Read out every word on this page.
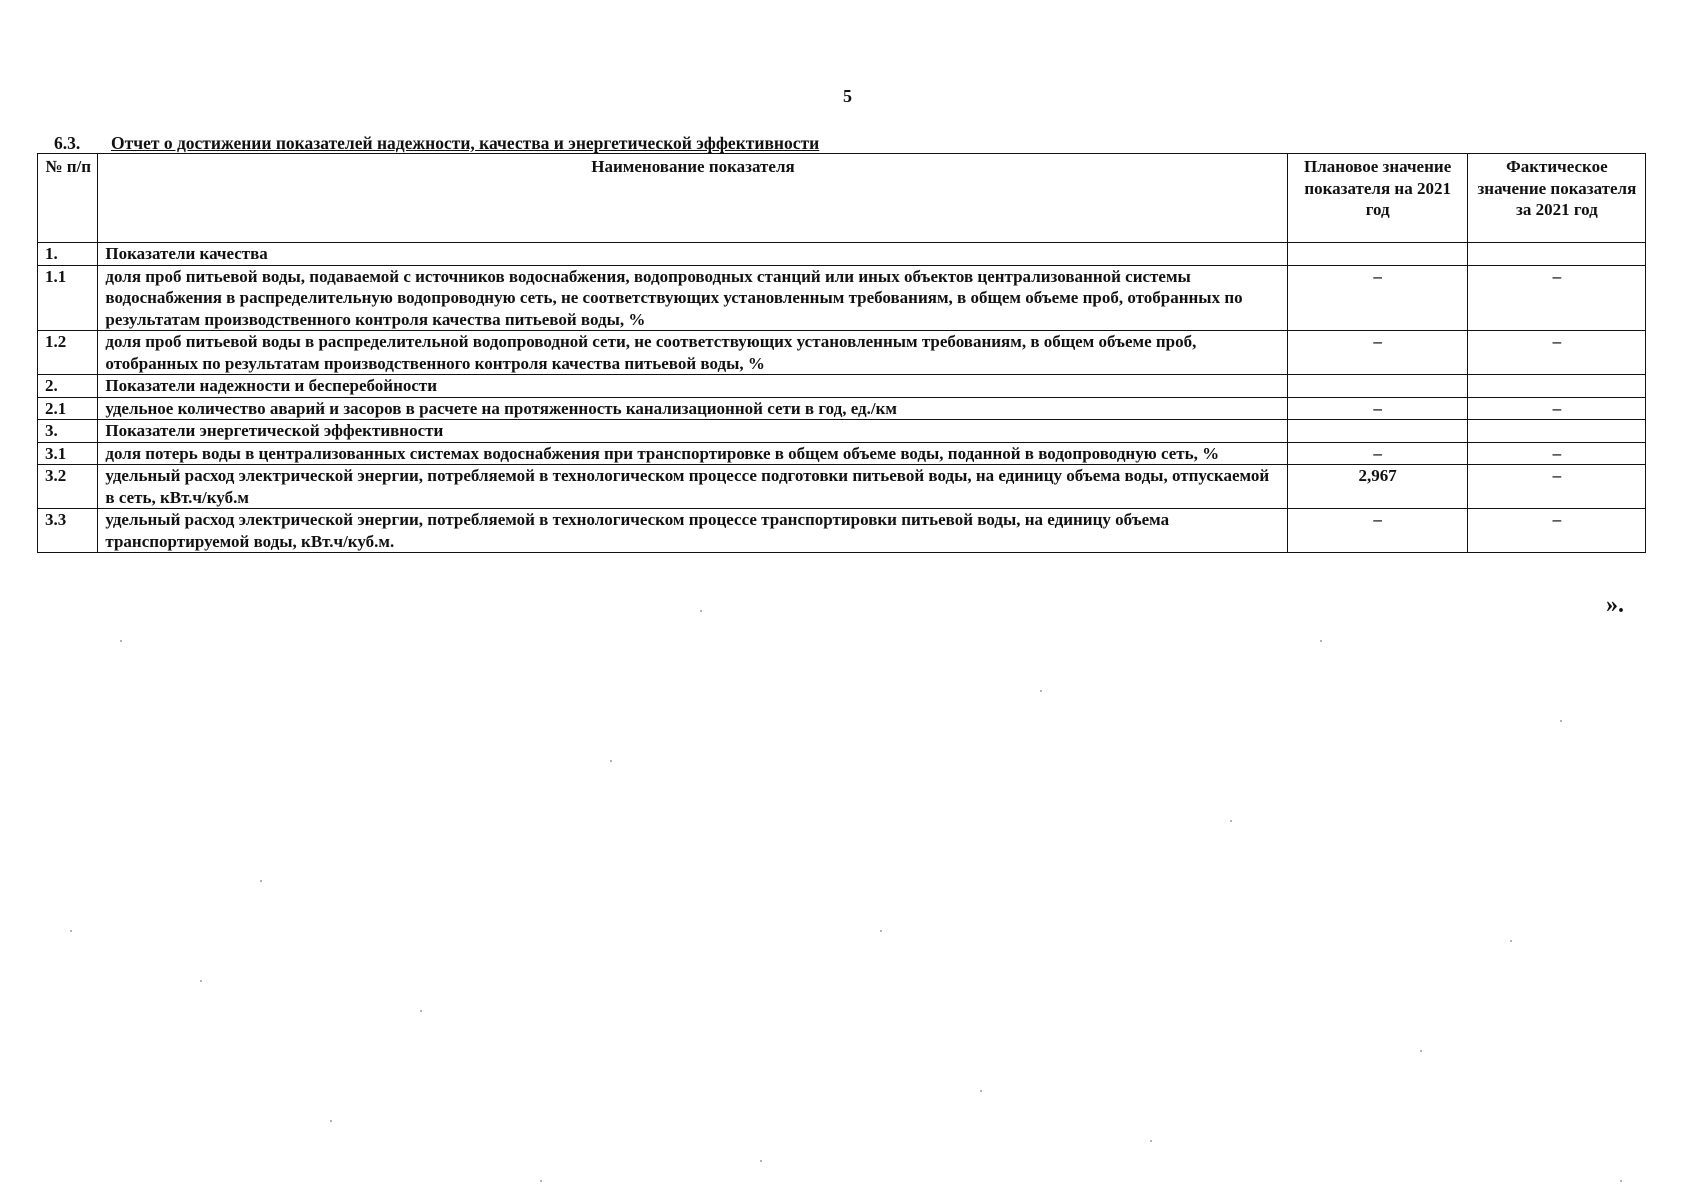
5
6.3. Отчет о достижении показателей надежности, качества и энергетической эффективности
№ п/п	Наименование показателя	Плановое значение показателя на 2021 год	Фактическое значение показателя за 2021 год
1.	Показатели качества		
1.1	доля проб питьевой воды, подаваемой с источников водоснабжения, водопроводных станций или иных объектов централизованной системы водоснабжения в распределительную водопроводную сеть, не соответствующих установленным требованиям, в общем объеме проб, отобранных по результатам производственного контроля качества питьевой воды, %	–	–
1.2	доля проб питьевой воды в распределительной водопроводной сети, не соответствующих установленным требованиям, в общем объеме проб, отобранных по результатам производственного контроля качества питьевой воды, %	–	–
2.	Показатели надежности и бесперебойности		
2.1	удельное количество аварий и засоров в расчете на протяженность канализационной сети в год, ед./км	–	–
3.	Показатели энергетической эффективности		
3.1	доля потерь воды в централизованных системах водоснабжения при транспортировке в общем объеме воды, поданной в водопроводную сеть, %	–	–
3.2	удельный расход электрической энергии, потребляемой в технологическом процессе подготовки питьевой воды, на единицу объема воды, отпускаемой в сеть, кВт.ч/куб.м	2,967	–
3.3	удельный расход электрической энергии, потребляемой в технологическом процессе транспортировки питьевой воды, на единицу объема транспортируемой воды, кВт.ч/куб.м.	–	–
».
